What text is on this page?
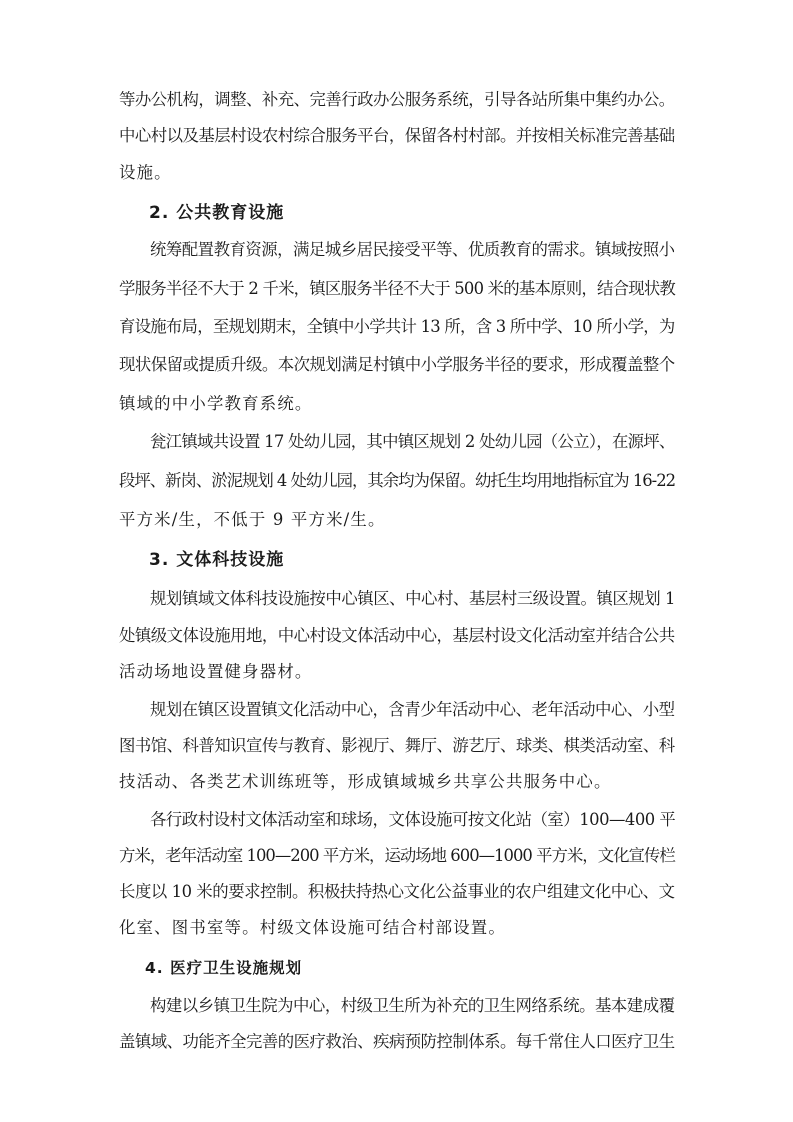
等办公机构，调整、补充、完善行政办公服务系统，引导各站所集中集约办公。
中心村以及基层村设农村综合服务平台，保留各村村部。并按相关标准完善基础
设施。
2. 公共教育设施
统筹配置教育资源，满足城乡居民接受平等、优质教育的需求。镇域按照小
学服务半径不大于 2 千米，镇区服务半径不大于 500 米的基本原则，结合现状教
育设施布局，至规划期末，全镇中小学共计 13 所，含 3 所中学、10 所小学，为
现状保留或提质升级。本次规划满足村镇中小学服务半径的要求，形成覆盖整个
镇域的中小学教育系统。
瓮江镇域共设置 17 处幼儿园，其中镇区规划 2 处幼儿园（公立），在源坪、
段坪、新岗、淤泥规划 4 处幼儿园，其余均为保留。幼托生均用地指标宜为 16-22
平方米/生，不低于 9 平方米/生。
3. 文体科技设施
规划镇域文体科技设施按中心镇区、中心村、基层村三级设置。镇区规划 1
处镇级文体设施用地，中心村设文体活动中心，基层村设文化活动室并结合公共
活动场地设置健身器材。
规划在镇区设置镇文化活动中心，含青少年活动中心、老年活动中心、小型
图书馆、科普知识宣传与教育、影视厅、舞厅、游艺厅、球类、棋类活动室、科
技活动、各类艺术训练班等，形成镇域城乡共享公共服务中心。
各行政村设村文体活动室和球场，文体设施可按文化站（室）100—400 平
方米，老年活动室 100—200 平方米，运动场地 600—1000 平方米，文化宣传栏
长度以 10 米的要求控制。积极扶持热心文化公益事业的农户组建文化中心、文
化室、图书室等。村级文体设施可结合村部设置。
4. 医疗卫生设施规划
构建以乡镇卫生院为中心，村级卫生所为补充的卫生网络系统。基本建成覆
盖镇域、功能齐全完善的医疗救治、疾病预防控制体系。每千常住人口医疗卫生
